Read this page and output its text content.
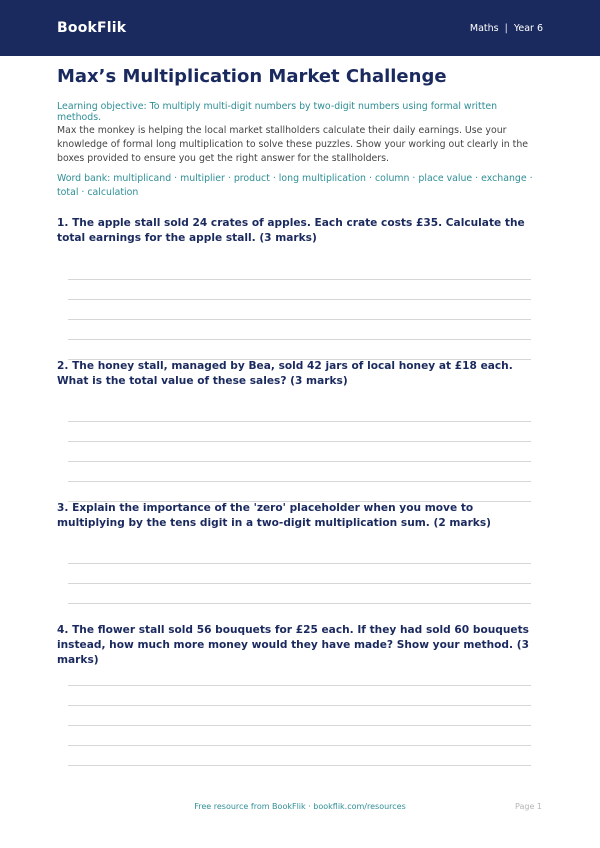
BookFlik	Maths | Year 6
Max’s Multiplication Market Challenge

Learning objective: To multiply multi-digit numbers by two-digit numbers using formal written methods.

Max the monkey is helping the local market stallholders calculate their daily earnings. Use your knowledge of formal long multiplication to solve these puzzles. Show your working out clearly in the boxes provided to ensure you get the right answer for the stallholders.

Word bank: multiplicand · multiplier · product · long multiplication · column · place value · exchange · total · calculation

1. The apple stall sold 24 crates of apples. Each crate costs £35. Calculate the total earnings for the apple stall. (3 marks)

2. The honey stall, managed by Bea, sold 42 jars of local honey at £18 each. What is the total value of these sales? (3 marks)

3. Explain the importance of the 'zero' placeholder when you move to multiplying by the tens digit in a two-digit multiplication sum. (2 marks)

4. The flower stall sold 56 bouquets for £25 each. If they had sold 60 bouquets instead, how much more money would they have made? Show your method. (3 marks)

Free resource from BookFlik · bookflik.com/resources	Page 1
